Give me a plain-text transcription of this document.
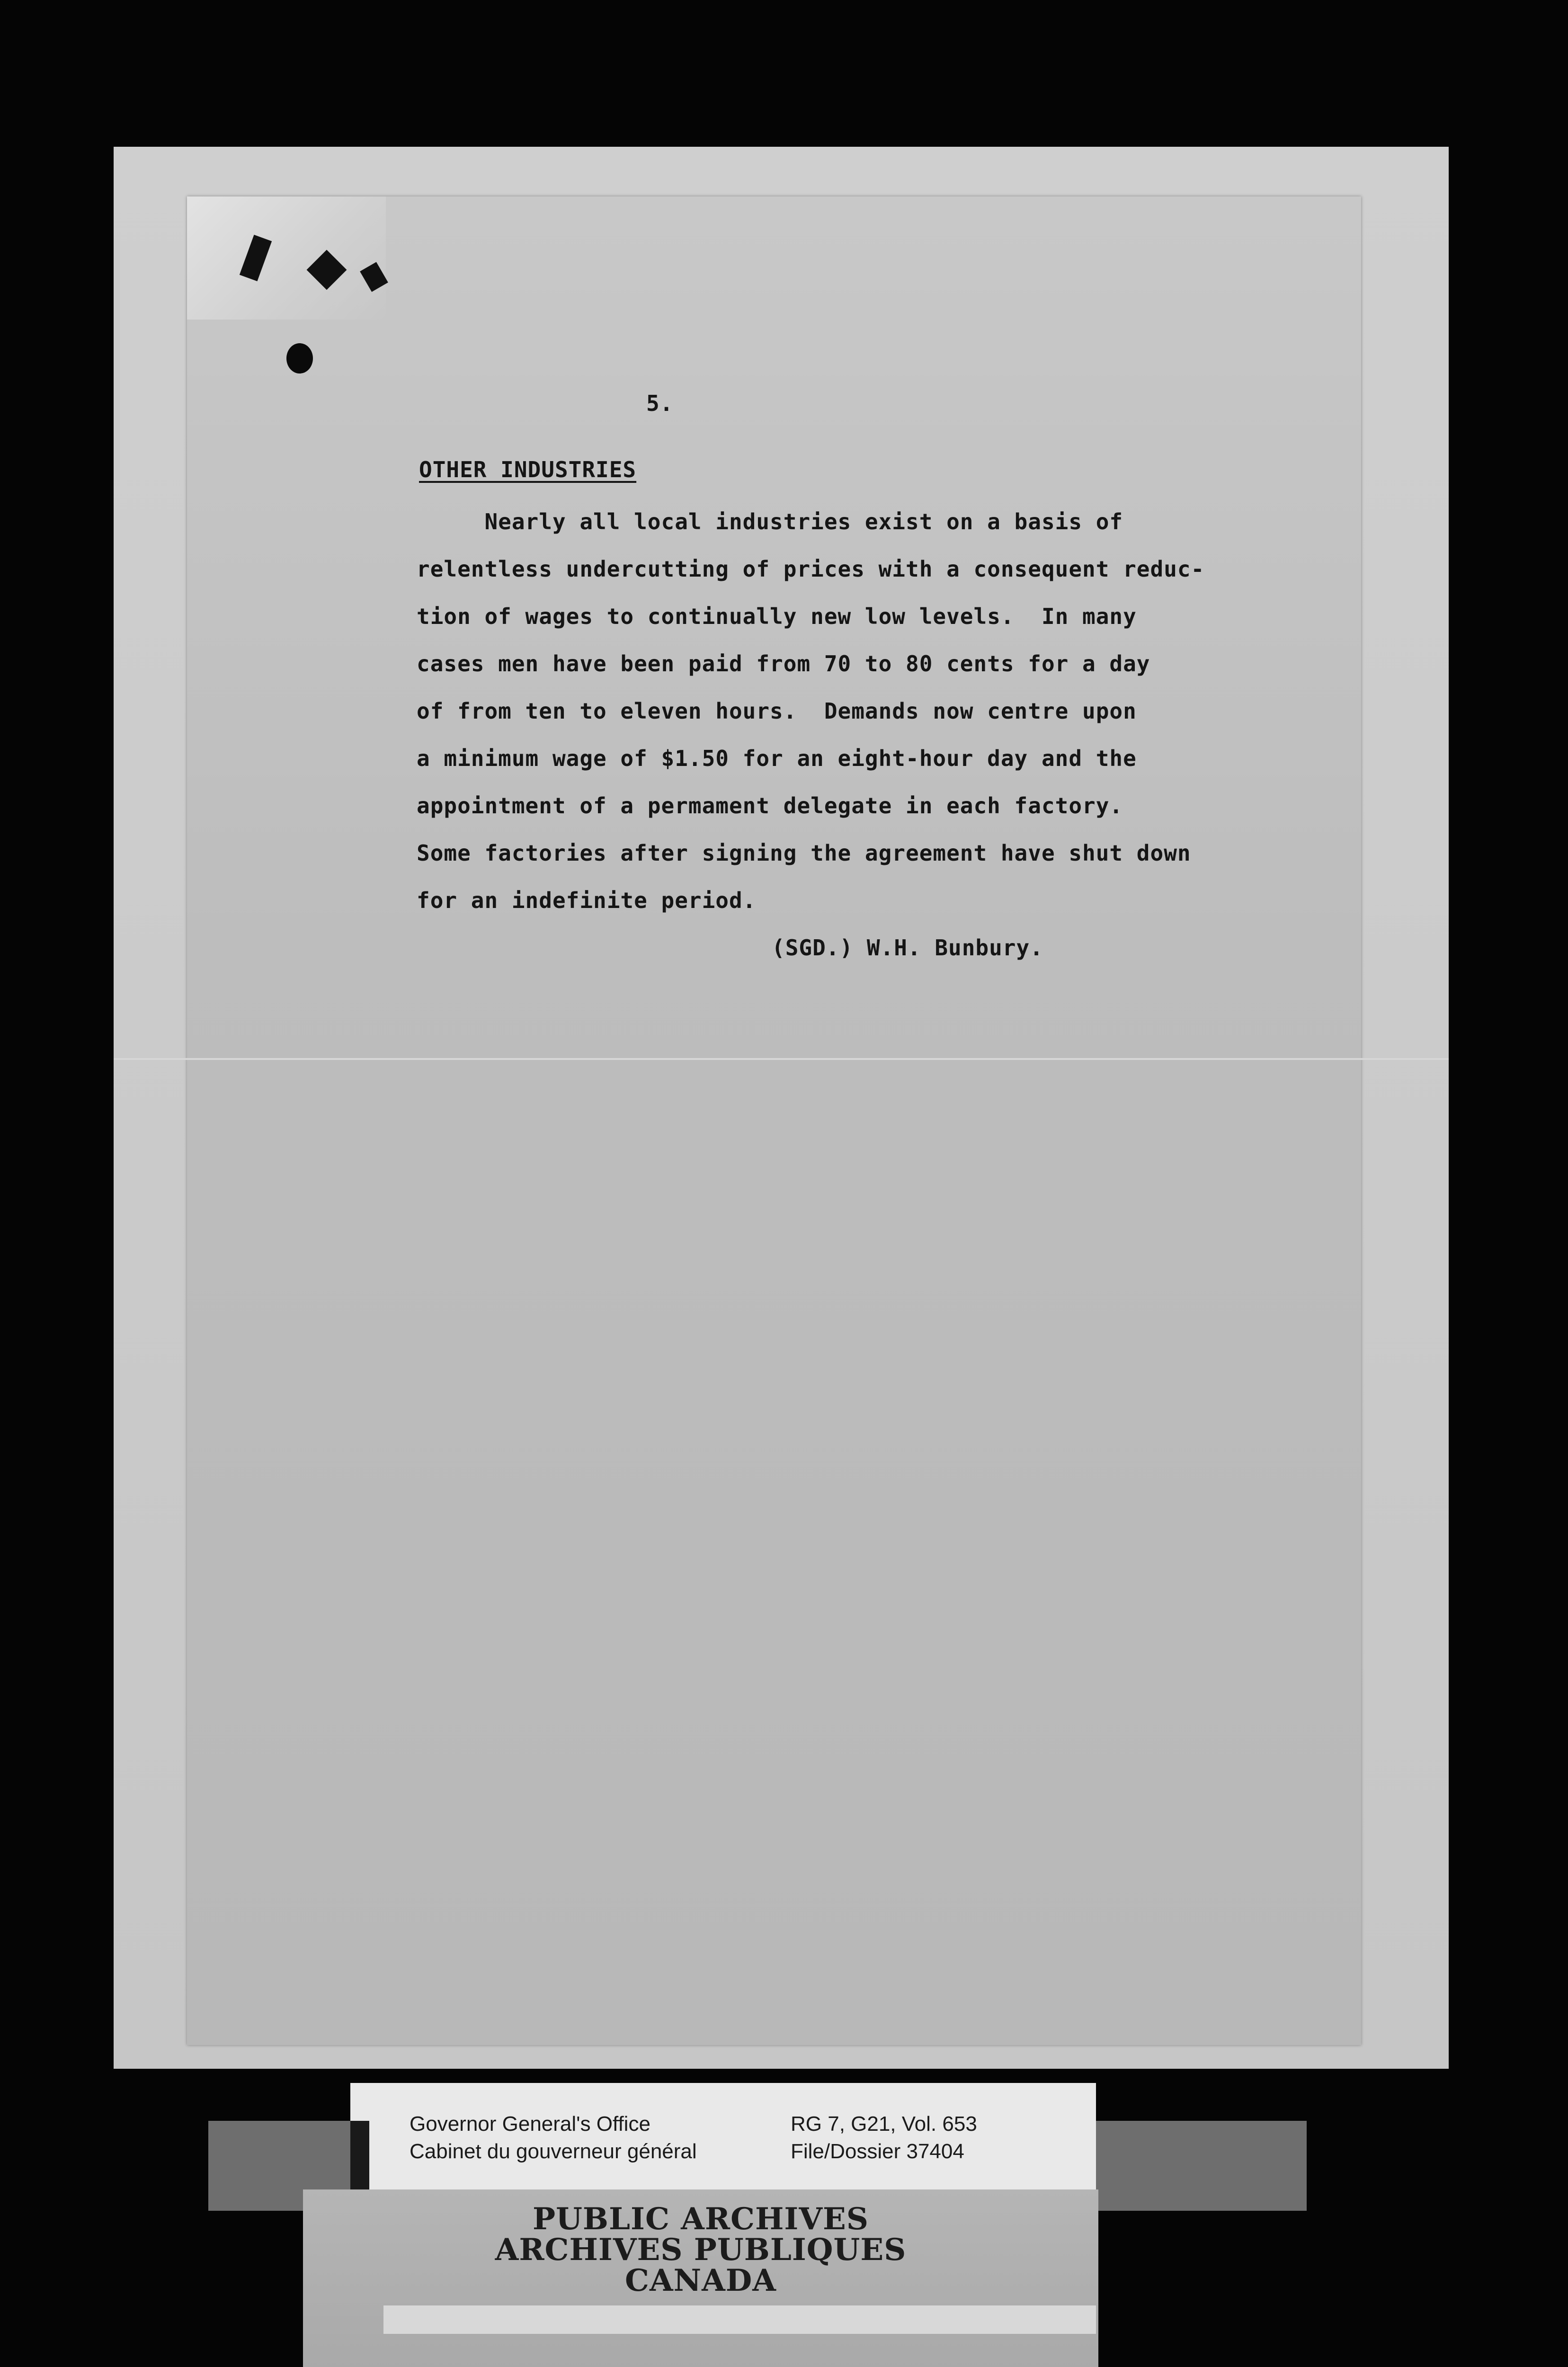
5.
OTHER INDUSTRIES
Nearly all local industries exist on a basis of
relentless undercutting of prices with a consequent reduc-
tion of wages to continually new low levels.  In many
cases men have been paid from 70 to 80 cents for a day
of from ten to eleven hours.  Demands now centre upon
a minimum wage of $1.50 for an eight-hour day and the
appointment of a permament delegate in each factory.
Some factories after signing the agreement have shut down
for an indefinite period.
(SGD.) W.H. Bunbury.
Governor General's Office
Cabinet du gouverneur général
RG 7, G21, Vol. 653
File/Dossier 37404
PUBLIC ARCHIVES
ARCHIVES PUBLIQUES
CANADA
